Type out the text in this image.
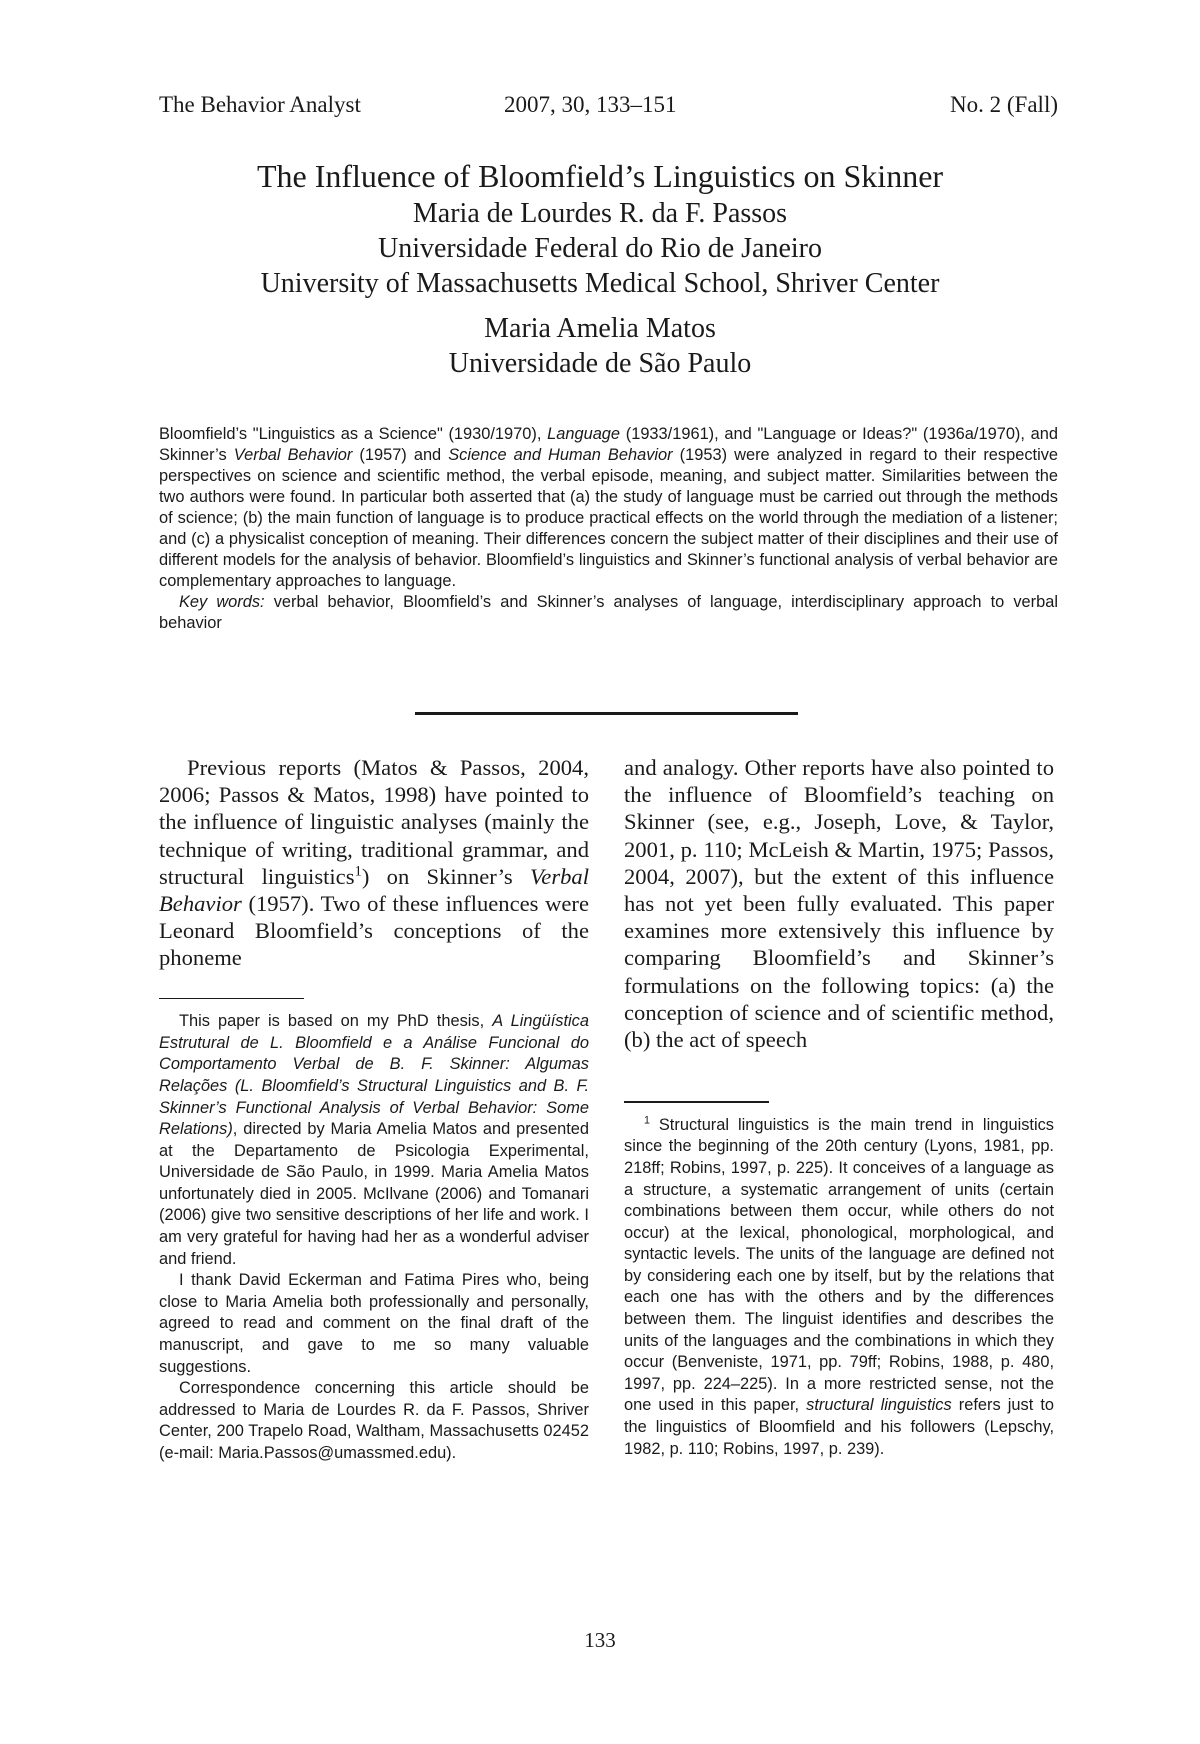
The Behavior Analyst	2007, 30, 133–151	No. 2 (Fall)
The Influence of Bloomfield’s Linguistics on Skinner

Maria de Lourdes R. da F. Passos

Universidade Federal do Rio de Janeiro

University of Massachusetts Medical School, Shriver Center

Maria Amelia Matos

Universidade de São Paulo

Bloomfield’s "Linguistics as a Science" (1930/1970), Language (1933/1961), and "Language or Ideas?" (1936a/1970), and Skinner’s Verbal Behavior (1957) and Science and Human Behavior (1953) were analyzed in regard to their respective perspectives on science and scientific method, the verbal episode, meaning, and subject matter. Similarities between the two authors were found. In particular both asserted that (a) the study of language must be carried out through the methods of science; (b) the main function of language is to produce practical effects on the world through the mediation of a listener; and (c) a physicalist conception of meaning. Their differences concern the subject matter of their disciplines and their use of different models for the analysis of behavior. Bloomfield’s linguistics and Skinner’s functional analysis of verbal behavior are complementary approaches to language.

Key words: verbal behavior, Bloomfield’s and Skinner’s analyses of language, interdisciplinary approach to verbal behavior

Previous reports (Matos & Passos, 2004, 2006; Passos & Matos, 1998) have pointed to the influence of linguistic analyses (mainly the technique of writing, traditional grammar, and structural linguistics$^1$) on Skinner’s Verbal Behavior (1957). Two of these influences were Leonard Bloomfield’s conceptions of the phoneme

This paper is based on my PhD thesis, A Lingüística Estrutural de L. Bloomfield e a Análise Funcional do Comportamento Verbal de B. F. Skinner: Algumas Relações (L. Bloomfield’s Structural Linguistics and B. F. Skinner’s Functional Analysis of Verbal Behavior: Some Relations), directed by Maria Amelia Matos and presented at the Departamento de Psicologia Experimental, Universidade de São Paulo, in 1999. Maria Amelia Matos unfortunately died in 2005. McIlvane (2006) and Tomanari (2006) give two sensitive descriptions of her life and work. I am very grateful for having had her as a wonderful adviser and friend.

I thank David Eckerman and Fatima Pires who, being close to Maria Amelia both professionally and personally, agreed to read and comment on the final draft of the manuscript, and gave to me so many valuable suggestions.

Correspondence concerning this article should be addressed to Maria de Lourdes R. da F. Passos, Shriver Center, 200 Trapelo Road, Waltham, Massachusetts 02452 (e-mail: Maria.Passos@umassmed.edu).

and analogy. Other reports have also pointed to the influence of Bloomfield’s teaching on Skinner (see, e.g., Joseph, Love, & Taylor, 2001, p. 110; McLeish & Martin, 1975; Passos, 2004, 2007), but the extent of this influence has not yet been fully evaluated. This paper examines more extensively this influence by comparing Bloomfield’s and Skinner’s formulations on the following topics: (a) the conception of science and of scientific method, (b) the act of speech

$^1$ Structural linguistics is the main trend in linguistics since the beginning of the 20th century (Lyons, 1981, pp. 218ff; Robins, 1997, p. 225). It conceives of a language as a structure, a systematic arrangement of units (certain combinations between them occur, while others do not occur) at the lexical, phonological, morphological, and syntactic levels. The units of the language are defined not by considering each one by itself, but by the relations that each one has with the others and by the differences between them. The linguist identifies and describes the units of the languages and the combinations in which they occur (Benveniste, 1971, pp. 79ff; Robins, 1988, p. 480, 1997, pp. 224–225). In a more restricted sense, not the one used in this paper, structural linguistics refers just to the linguistics of Bloomfield and his followers (Lepschy, 1982, p. 110; Robins, 1997, p. 239).

133
